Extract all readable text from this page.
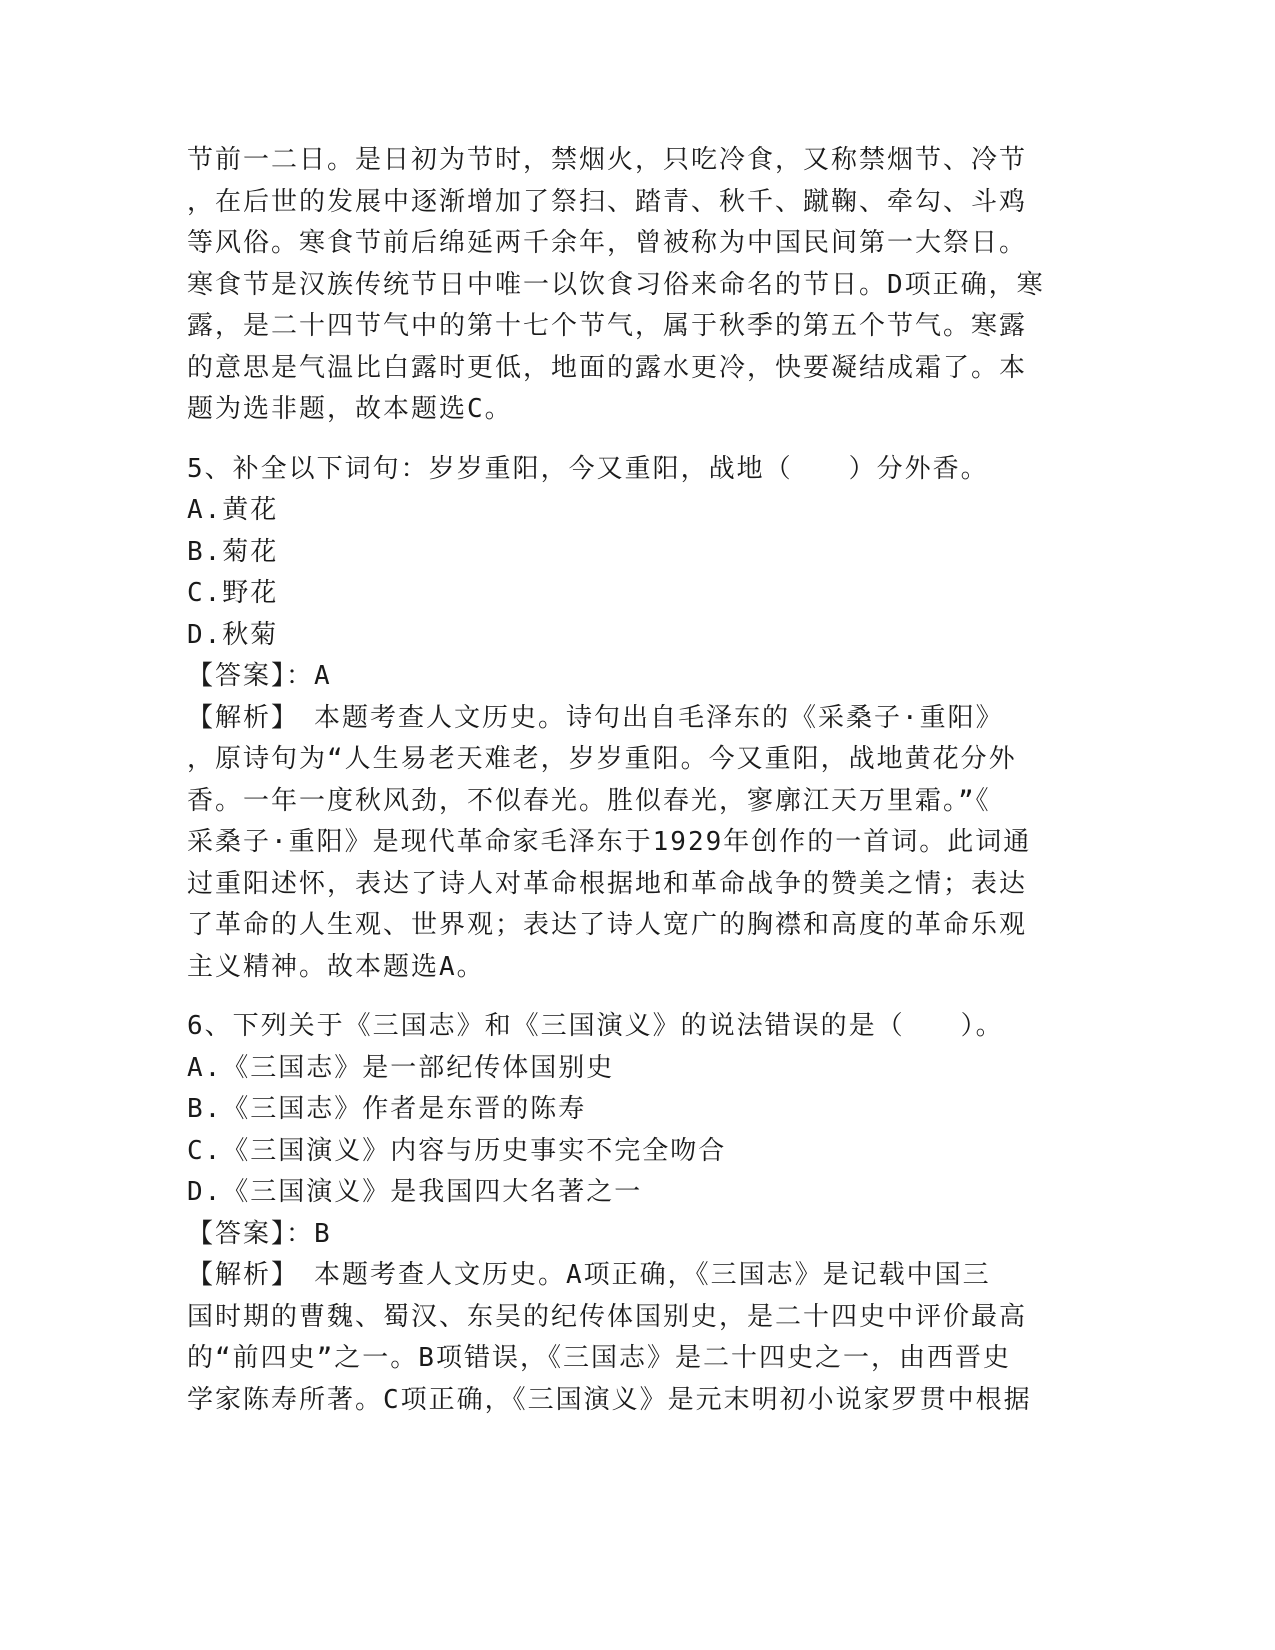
节前一二日。是日初为节时，禁烟火，只吃冷食，又称禁烟节、冷节
，在后世的发展中逐渐增加了祭扫、踏青、秋千、蹴鞠、牵勾、斗鸡
等风俗。寒食节前后绵延两千余年，曾被称为中国民间第一大祭日。
寒食节是汉族传统节日中唯一以饮食习俗来命名的节日。D项正确，寒
露，是二十四节气中的第十七个节气，属于秋季的第五个节气。寒露
的意思是气温比白露时更低，地面的露水更冷，快要凝结成霜了。本
题为选非题，故本题选C。
5、补全以下词句：岁岁重阳，今又重阳，战地（　　）分外香。
A.黄花
B.菊花
C.野花
D.秋菊
【答案】：A
【解析】　本题考查人文历史。诗句出自毛泽东的《采桑子·重阳》
，原诗句为“人生易老天难老，岁岁重阳。今又重阳，战地黄花分外
香。一年一度秋风劲，不似春光。胜似春光，寥廓江天万里霜。”《
采桑子·重阳》是现代革命家毛泽东于1929年创作的一首词。此词通
过重阳述怀，表达了诗人对革命根据地和革命战争的赞美之情；表达
了革命的人生观、世界观；表达了诗人宽广的胸襟和高度的革命乐观
主义精神。故本题选A。
6、下列关于《三国志》和《三国演义》的说法错误的是（　　）。
A.《三国志》是一部纪传体国别史
B.《三国志》作者是东晋的陈寿
C.《三国演义》内容与历史事实不完全吻合
D.《三国演义》是我国四大名著之一
【答案】：B
【解析】　本题考查人文历史。A项正确，《三国志》是记载中国三
国时期的曹魏、蜀汉、东吴的纪传体国别史，是二十四史中评价最高
的“前四史”之一。B项错误，《三国志》是二十四史之一，由西晋史
学家陈寿所著。C项正确，《三国演义》是元末明初小说家罗贯中根据
